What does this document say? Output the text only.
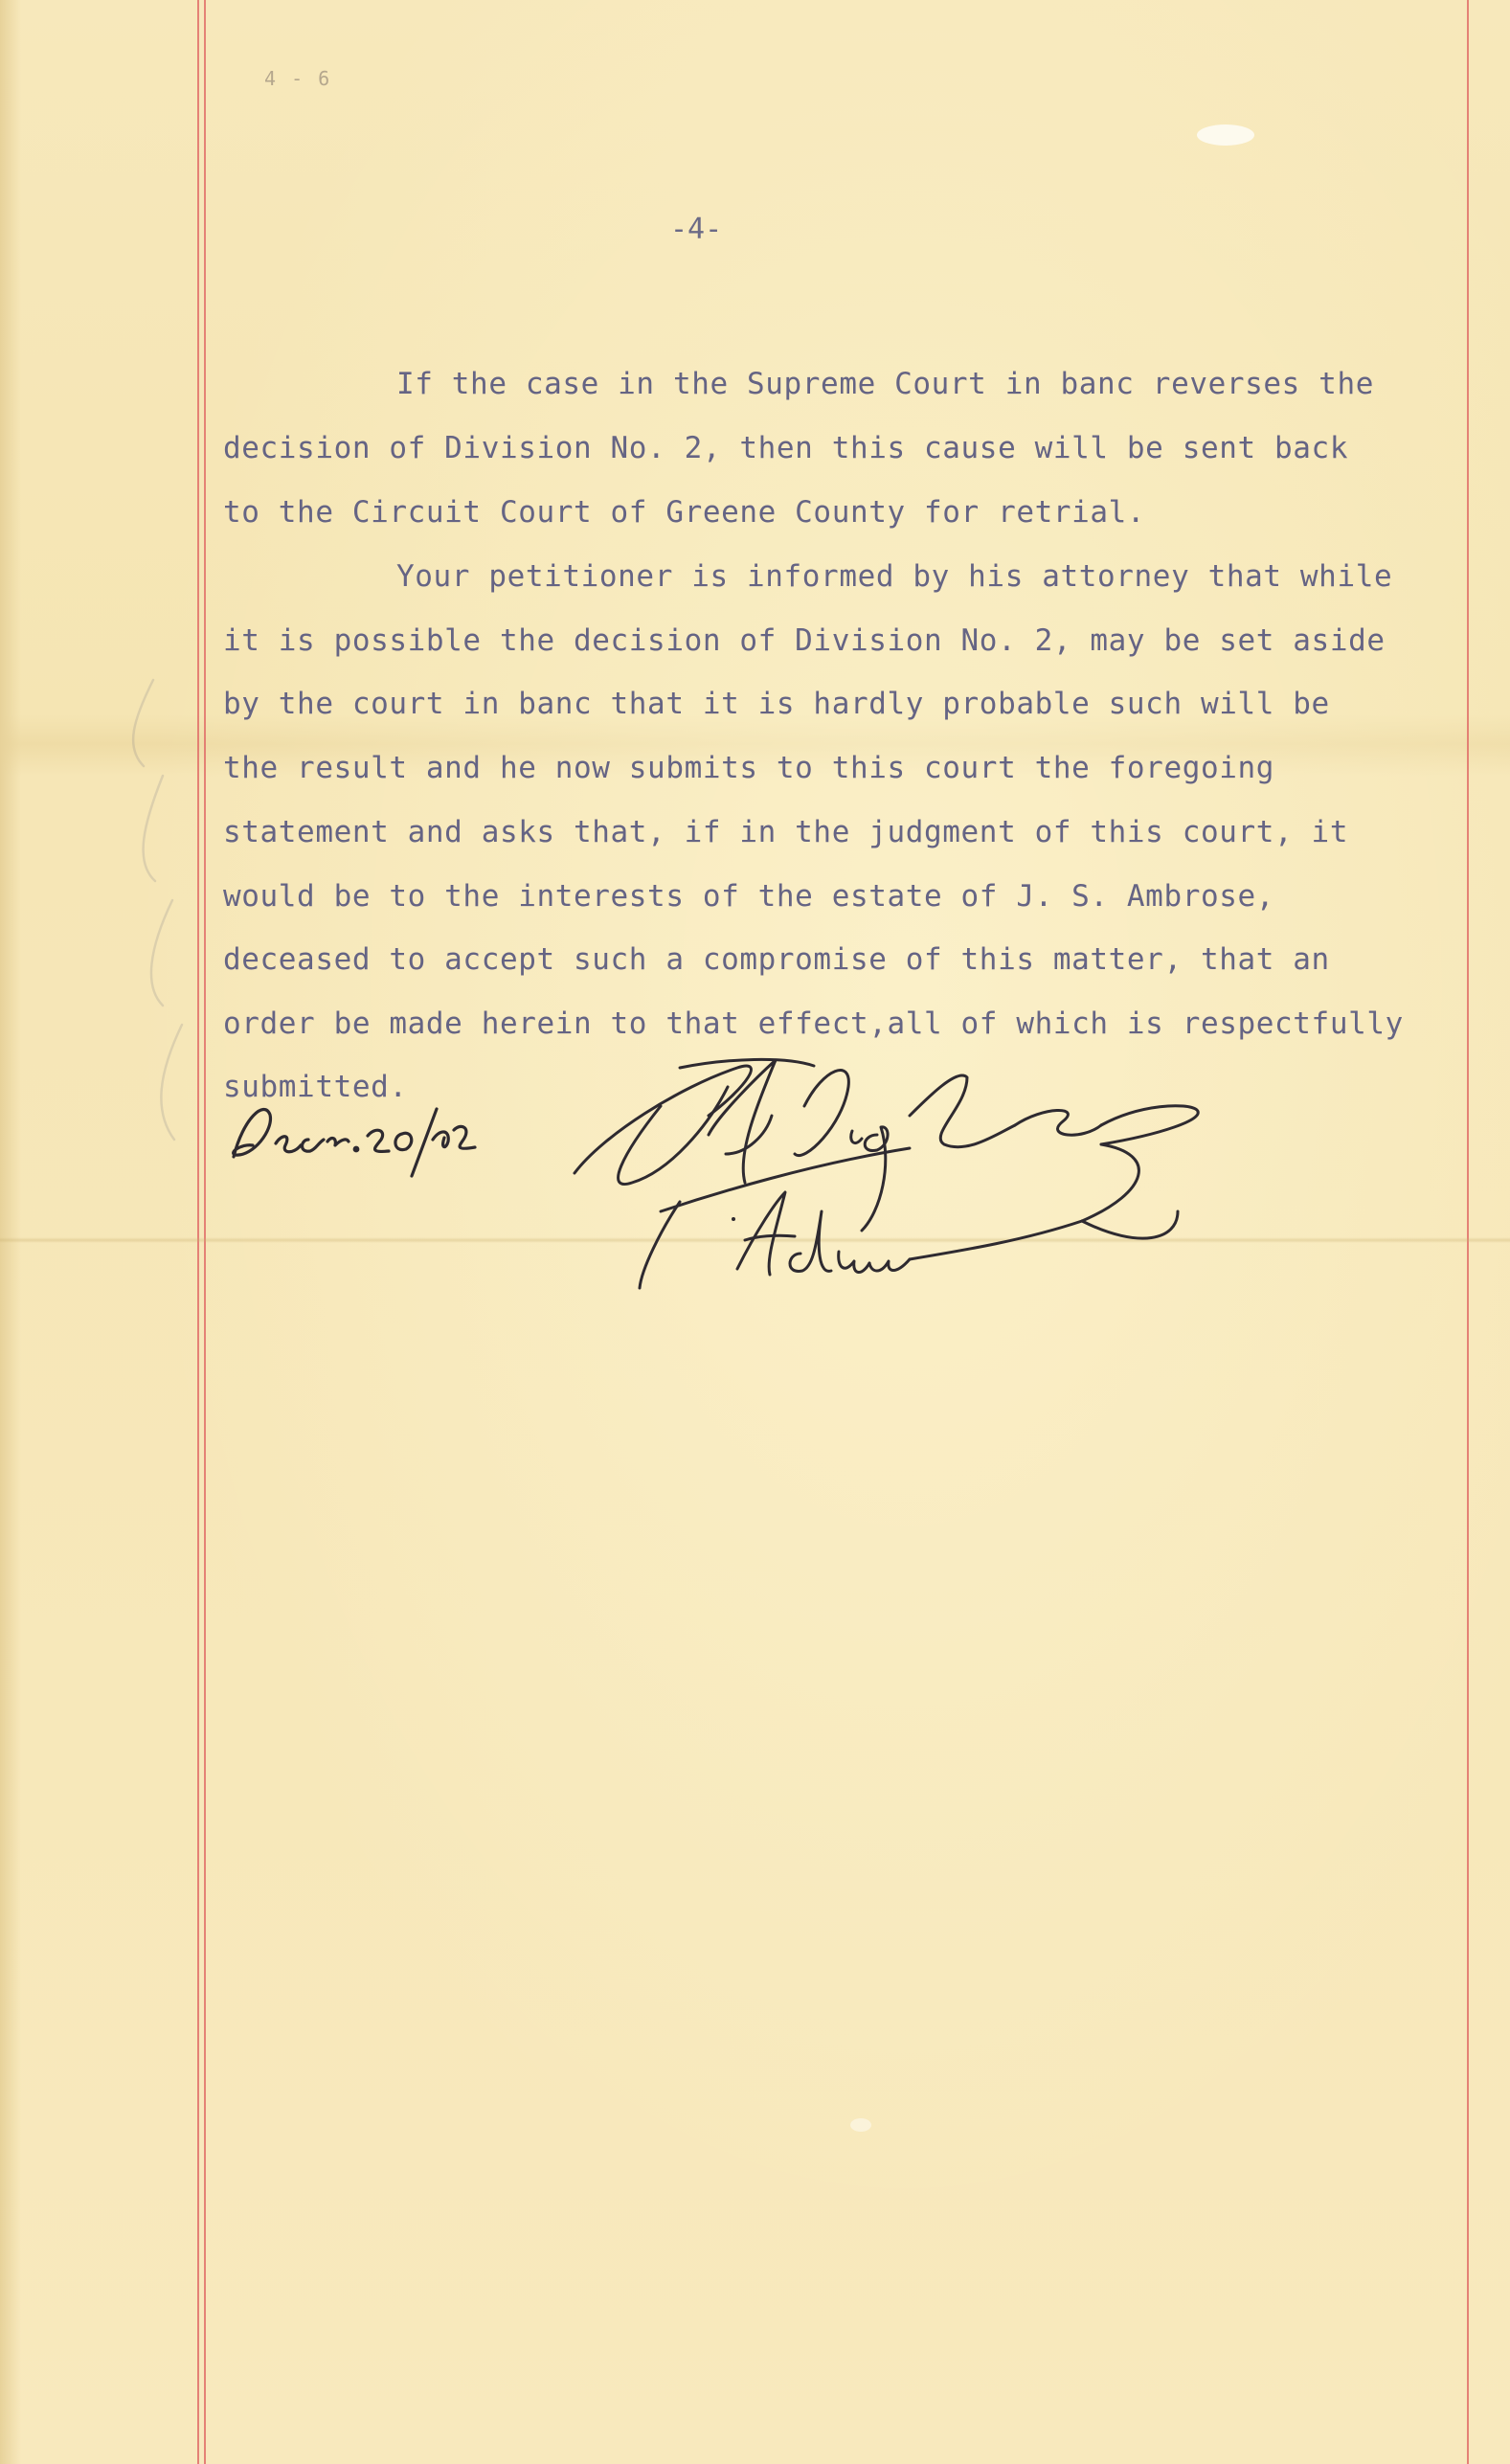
4 - 6
-4-

If the case in the Supreme Court in banc reverses the

decision of Division No. 2, then this cause will be sent back

to the Circuit Court of Greene County for retrial.

Your petitioner is informed by his attorney that while

it is possible the decision of Division No. 2, may be set aside

by the court in banc that it is hardly probable such will be

the result and he now submits to this court the foregoing

statement and asks that, if in the judgment of this court, it

would be to the interests of the estate of J. S. Ambrose,

deceased to accept such a compromise of this matter, that an

order be made herein to that effect,all of which is respectfully

submitted.
